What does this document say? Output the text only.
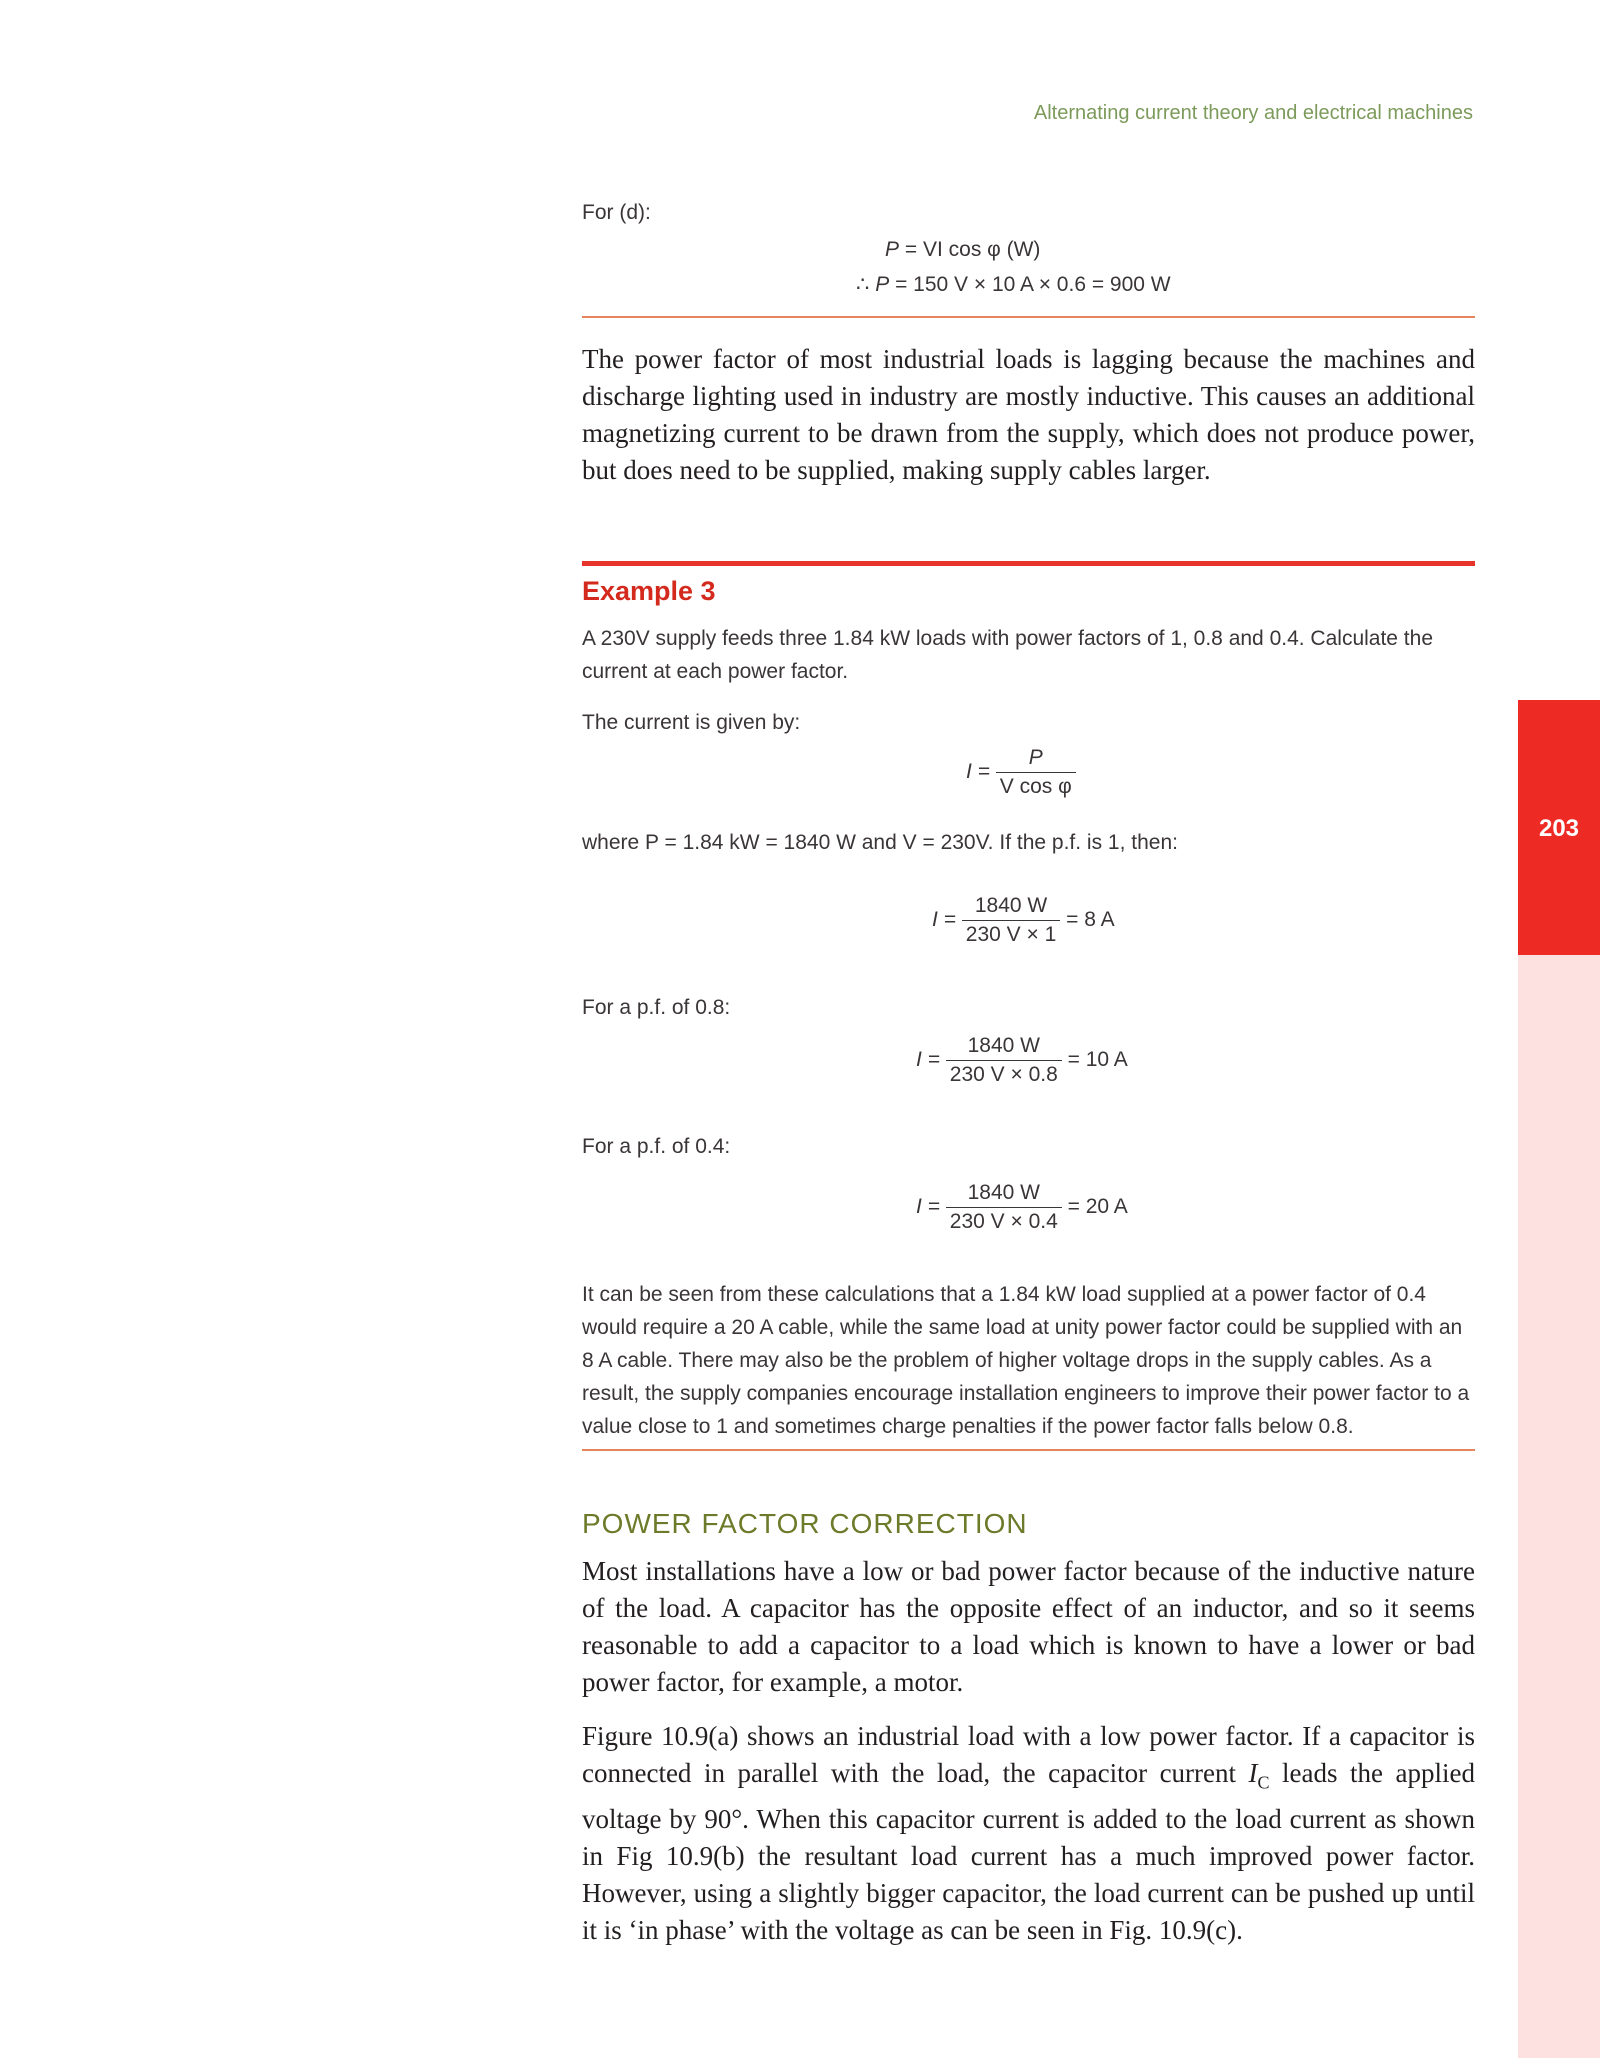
Alternating current theory and electrical machines
203
For (d):
P = VI cos φ (W)
∴ P = 150 V × 10 A × 0.6 = 900 W
The power factor of most industrial loads is lagging because the machines and discharge lighting used in industry are mostly inductive. This causes an additional magnetizing current to be drawn from the supply, which does not produce power, but does need to be supplied, making supply cables larger.
Example 3
A 230V supply feeds three 1.84 kW loads with power factors of 1, 0.8 and 0.4. Calculate the current at each power factor.
The current is given by:
$I = \frac{P}{\text{V cos φ}}$
where P = 1.84 kW = 1840 W and V = 230V. If the p.f. is 1, then:
$I = \frac{1840 W}{230 V \times 1} = 8$ A
For a p.f. of 0.8:
$I = \frac{1840 W}{230 V \times 0.8} = 10$ A
For a p.f. of 0.4:
$I = \frac{1840 W}{230 V \times 0.4} = 20$ A
It can be seen from these calculations that a 1.84 kW load supplied at a power factor of 0.4 would require a 20 A cable, while the same load at unity power factor could be supplied with an 8 A cable. There may also be the problem of higher voltage drops in the supply cables. As a result, the supply companies encourage installation engineers to improve their power factor to a value close to 1 and sometimes charge penalties if the power factor falls below 0.8.
POWER FACTOR CORRECTION
Most installations have a low or bad power factor because of the inductive nature of the load. A capacitor has the opposite effect of an inductor, and so it seems reasonable to add a capacitor to a load which is known to have a lower or bad power factor, for example, a motor.
Figure 10.9(a) shows an industrial load with a low power factor. If a capacitor is connected in parallel with the load, the capacitor current $I_C$ leads the applied voltage by 90°. When this capacitor current is added to the load current as shown in Fig 10.9(b) the resultant load current has a much improved power factor. However, using a slightly bigger capacitor, the load current can be pushed up until it is ‘in phase’ with the voltage as can be seen in Fig. 10.9(c).
